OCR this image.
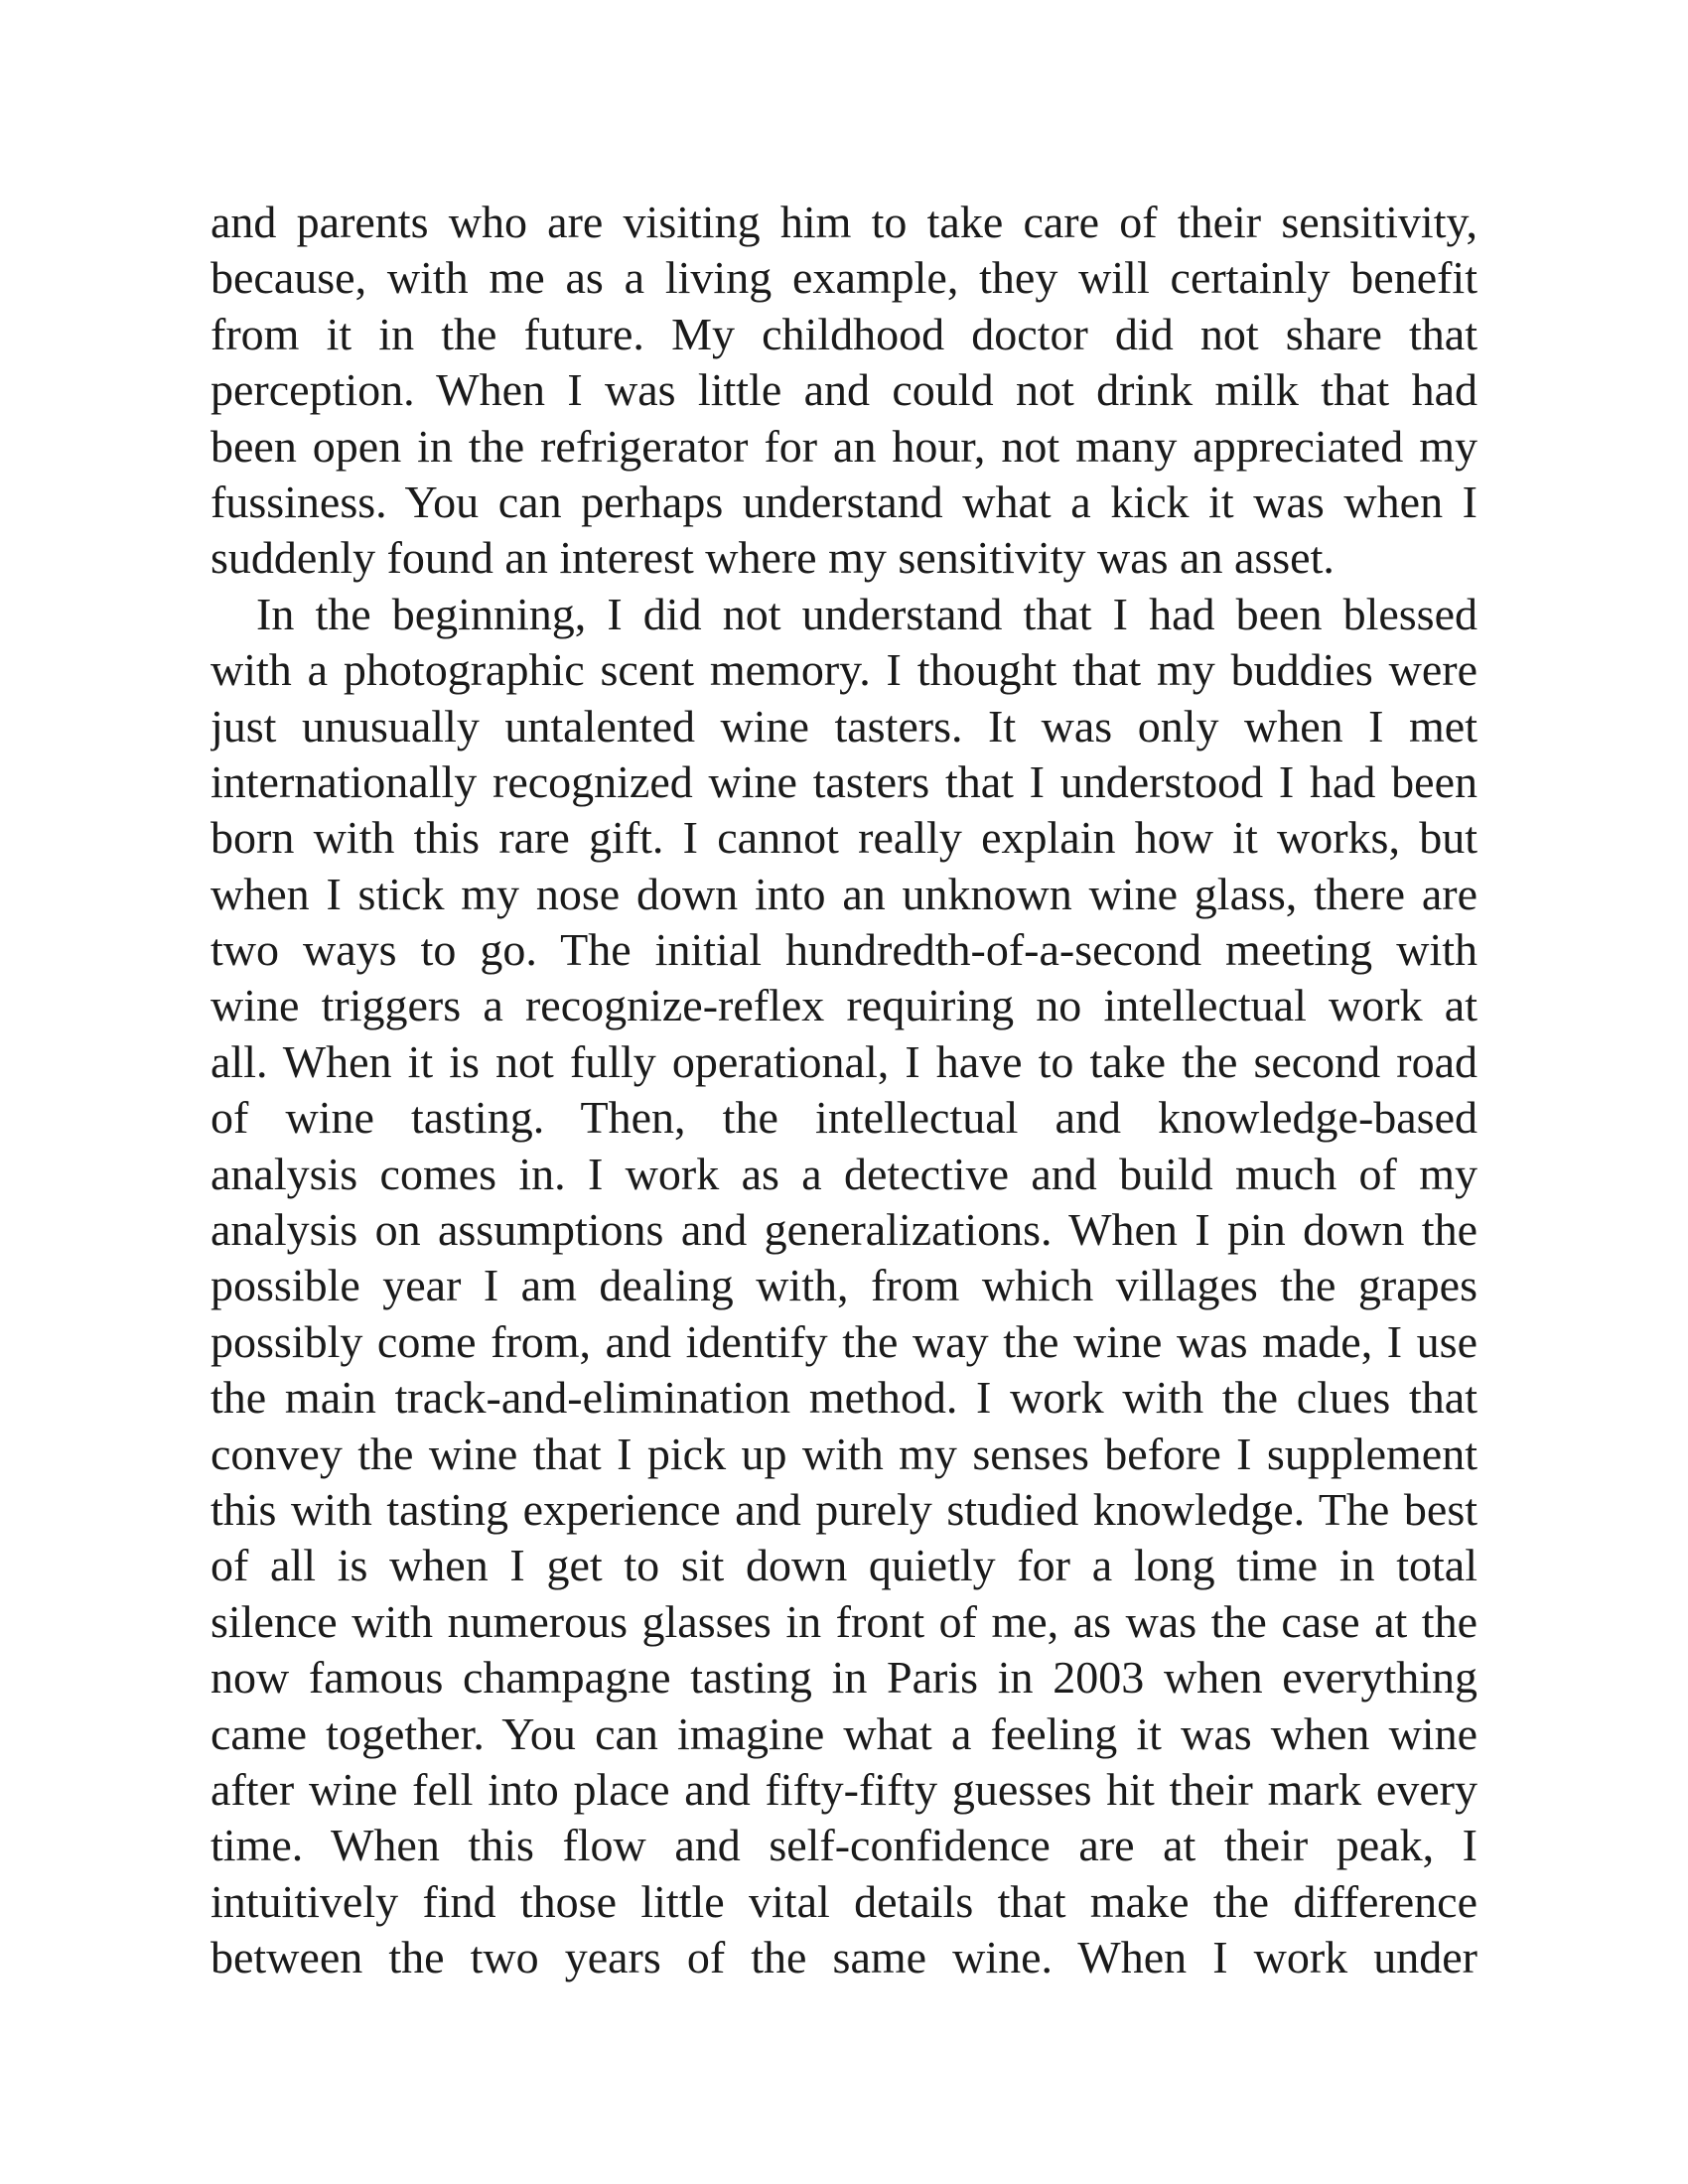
and parents who are visiting him to take care of their sensitivity,
because, with me as a living example, they will certainly benefit
from it in the future. My childhood doctor did not share that
perception. When I was little and could not drink milk that had
been open in the refrigerator for an hour, not many appreciated my
fussiness. You can perhaps understand what a kick it was when I
suddenly found an interest where my sensitivity was an asset.
In the beginning, I did not understand that I had been blessed
with a photographic scent memory. I thought that my buddies were
just unusually untalented wine tasters. It was only when I met
internationally recognized wine tasters that I understood I had been
born with this rare gift. I cannot really explain how it works, but
when I stick my nose down into an unknown wine glass, there are
two ways to go. The initial hundredth-of-a-second meeting with
wine triggers a recognize-reflex requiring no intellectual work at
all. When it is not fully operational, I have to take the second road
of wine tasting. Then, the intellectual and knowledge-based
analysis comes in. I work as a detective and build much of my
analysis on assumptions and generalizations. When I pin down the
possible year I am dealing with, from which villages the grapes
possibly come from, and identify the way the wine was made, I use
the main track-and-elimination method. I work with the clues that
convey the wine that I pick up with my senses before I supplement
this with tasting experience and purely studied knowledge. The best
of all is when I get to sit down quietly for a long time in total
silence with numerous glasses in front of me, as was the case at the
now famous champagne tasting in Paris in 2003 when everything
came together. You can imagine what a feeling it was when wine
after wine fell into place and fifty-fifty guesses hit their mark every
time. When this flow and self-confidence are at their peak, I
intuitively find those little vital details that make the difference
between the two years of the same wine. When I work under
